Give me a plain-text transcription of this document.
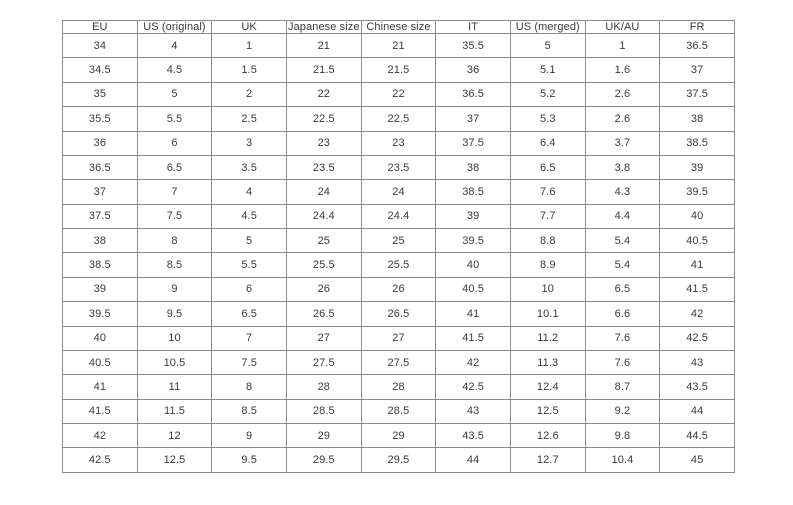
EU	US (original)	UK	Japanese size	Chinese size	IT	US (merged)	UK/AU	FR
34	4	1	21	21	35.5	5	1	36.5
34.5	4.5	1.5	21.5	21.5	36	5.1	1.6	37
35	5	2	22	22	36.5	5.2	2.6	37.5
35.5	5.5	2.5	22.5	22.5	37	5.3	2.6	38
36	6	3	23	23	37.5	6.4	3.7	38.5
36.5	6.5	3.5	23.5	23.5	38	6.5	3.8	39
37	7	4	24	24	38.5	7.6	4.3	39.5
37.5	7.5	4.5	24.4	24.4	39	7.7	4.4	40
38	8	5	25	25	39.5	8.8	5.4	40.5
38.5	8.5	5.5	25.5	25.5	40	8.9	5.4	41
39	9	6	26	26	40.5	10	6.5	41.5
39.5	9.5	6.5	26.5	26.5	41	10.1	6.6	42
40	10	7	27	27	41.5	11.2	7.6	42.5
40.5	10.5	7.5	27.5	27.5	42	11.3	7.6	43
41	11	8	28	28	42.5	12.4	8.7	43.5
41.5	11.5	8.5	28.5	28.5	43	12.5	9.2	44
42	12	9	29	29	43.5	12.6	9.8	44.5
42.5	12.5	9.5	29.5	29.5	44	12.7	10.4	45
